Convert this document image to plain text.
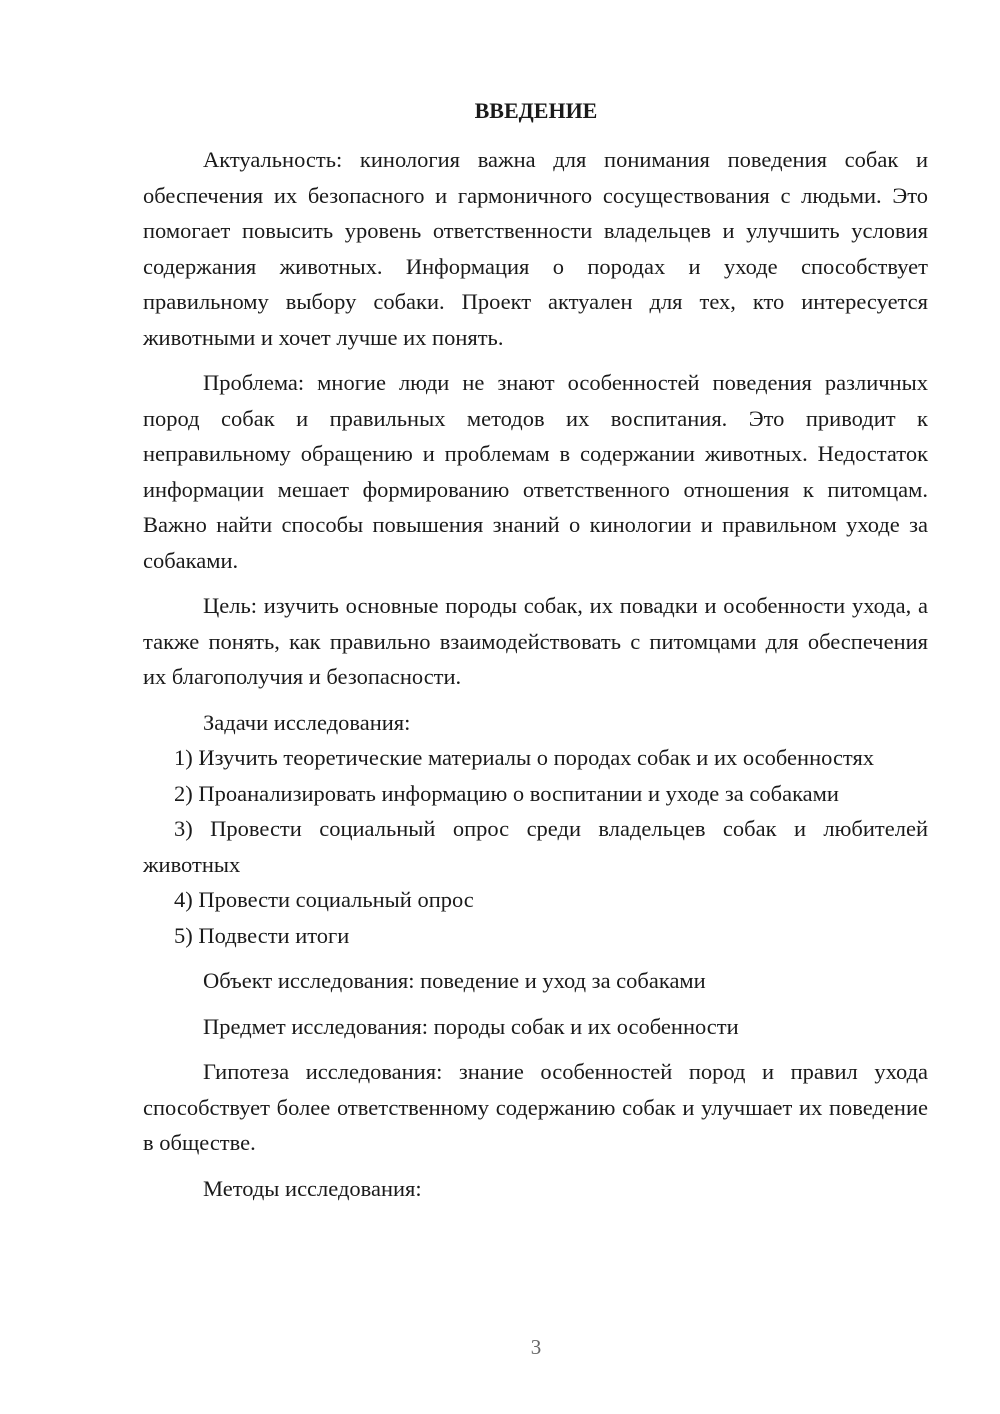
ВВЕДЕНИЕ

Актуальность: кинология важна для понимания поведения собак и обеспечения их безопасного и гармоничного сосуществования с людьми. Это помогает повысить уровень ответственности владельцев и улучшить условия содержания животных. Информация о породах и уходе способствует правильному выбору собаки. Проект актуален для тех, кто интересуется животными и хочет лучше их понять.

Проблема: многие люди не знают особенностей поведения различных пород собак и правильных методов их воспитания. Это приводит к неправильному обращению и проблемам в содержании животных. Недостаток информации мешает формированию ответственного отношения к питомцам. Важно найти способы повышения знаний о кинологии и правильном уходе за собаками.

Цель: изучить основные породы собак, их повадки и особенности ухода, а также понять, как правильно взаимодействовать с питомцами для обеспечения их благополучия и безопасности.

Задачи исследования:

1) Изучить теоретические материалы о породах собак и их особенностях

2) Проанализировать информацию о воспитании и уходе за собаками

3) Провести социальный опрос среди владельцев собак и любителей животных

4) Провести социальный опрос

5) Подвести итоги

Объект исследования: поведение и уход за собаками

Предмет исследования: породы собак и их особенности

Гипотеза исследования: знание особенностей пород и правил ухода способствует более ответственному содержанию собак и улучшает их поведение в обществе.

Методы исследования:

3
